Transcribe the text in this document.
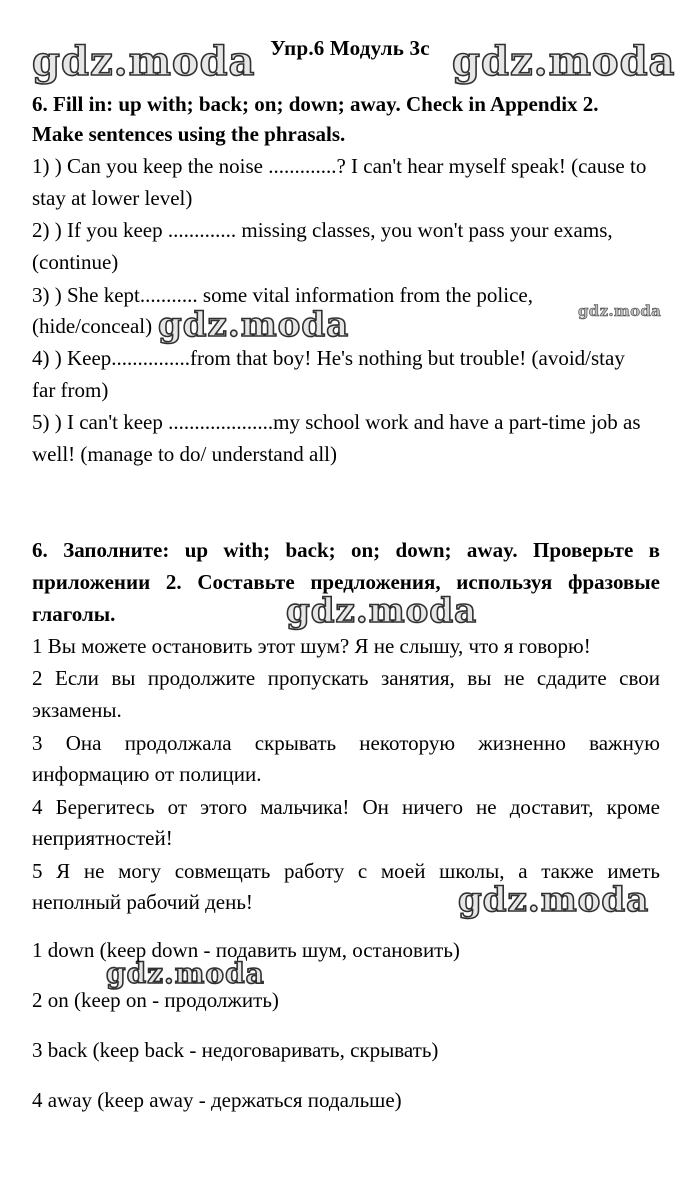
gdz.moda	gdz.moda
gdz.moda	gdz.moda
gdz.moda
gdz.moda
gdz.moda
Упр.6 Модуль 3c
6. Fill in: up with; back; on; down; away. Check in Appendix 2.
Make sentences using the phrasals.
1) ) Can you keep the noise .............? I can't hear myself speak! (cause to
stay at lower level)
2) ) If you keep ............. missing classes, you won't pass your exams,
(continue)
3) ) She kept........... some vital information from the police,
(hide/conceal)
4) ) Keep...............from that boy! He's nothing but trouble! (avoid/stay
far from)
5) ) I can't keep ....................my school work and have a part-time job as
well! (manage to do/ understand all)
6. Заполните: up with; back; on; down; away. Проверьте в
приложении 2. Составьте предложения, используя фразовые
глаголы.
1 Вы можете остановить этот шум? Я не слышу, что я говорю!
2 Если вы продолжите пропускать занятия, вы не сдадите свои
экзамены.
3 Она продолжала скрывать некоторую жизненно важную
информацию от полиции.
4 Берегитесь от этого мальчика! Он ничего не доставит, кроме
неприятностей!
5 Я не могу совмещать работу с моей школы, а также иметь
неполный рабочий день!
1 down (keep down - подавить шум, остановить)
2 on (keep on - продолжить)
3 back (keep back - недоговаривать, скрывать)
4 away (keep away - держаться подальше)
